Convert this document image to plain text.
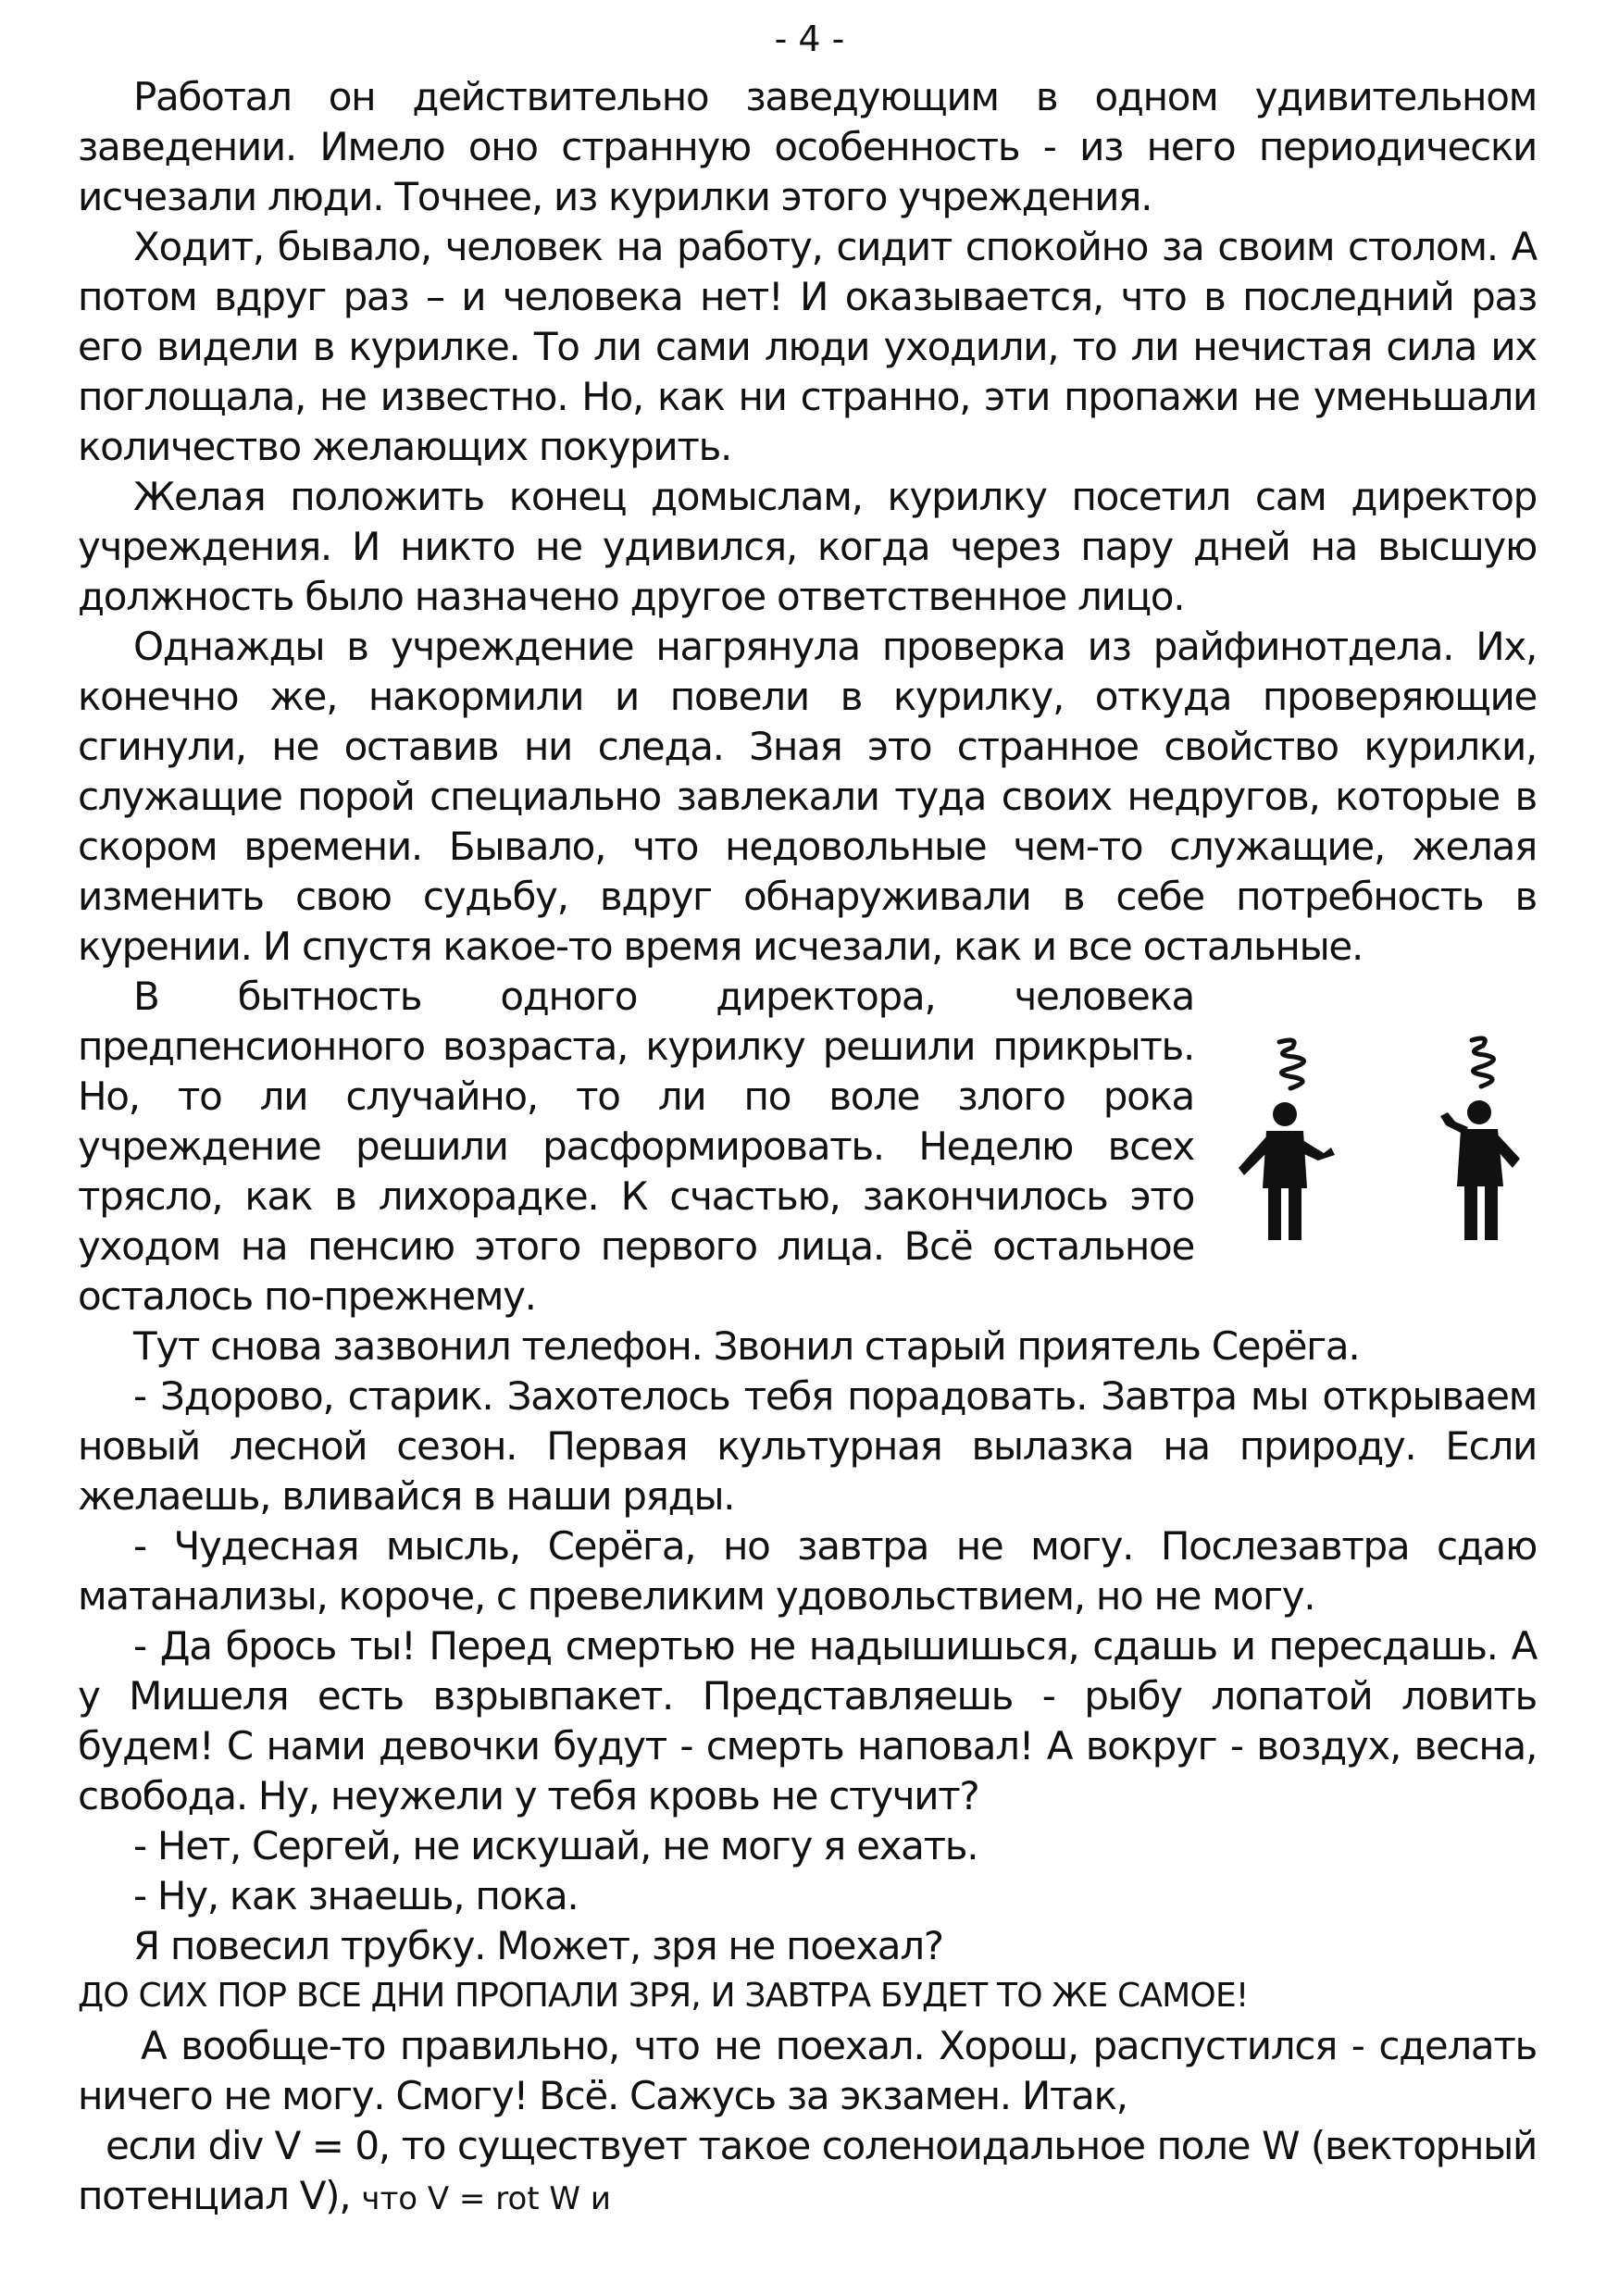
- 4 -

Работал он действительно заведующим в одном удивительном заведении. Имело оно странную особенность - из него периодически исчезали люди. Точнее, из курилки этого учреждения.

Ходит, бывало, человек на работу, сидит спокойно за своим столом. А потом вдруг раз – и человека нет! И оказывается, что в последний раз его видели в курилке. То ли сами люди уходили, то ли нечистая сила их поглощала, не известно. Но, как ни странно, эти пропажи не уменьшали количество желающих покурить.

Желая положить конец домыслам, курилку посетил сам директор учреждения. И никто не удивился, когда через пару дней на высшую должность было назначено другое ответственное лицо.

Однажды в учреждение нагрянула проверка из райфинотдела. Их, конечно же, накормили и повели в курилку, откуда проверяющие сгинули, не оставив ни следа. Зная это странное свойство курилки, служащие порой специально завлекали туда своих недругов, которые в скором времени. Бывало, что недовольные чем-то служащие, желая изменить свою судьбу, вдруг обнаруживали в себе потребность в курении. И спустя какое-то время исчезали, как и все остальные.

В бытность одного директора, человека предпенсионного возраста, курилку решили прикрыть. Но, то ли случайно, то ли по воле злого рока учреждение решили расформировать. Неделю всех трясло, как в лихорадке. К счастью, закончилось это уходом на пенсию этого первого лица. Всё остальное осталось по-прежнему.

Тут снова зазвонил телефон. Звонил старый приятель Серёга.

- Здорово, старик. Захотелось тебя порадовать. Завтра мы открываем новый лесной сезон. Первая культурная вылазка на природу. Если желаешь, вливайся в наши ряды.

- Чудесная мысль, Серёга, но завтра не могу. Послезавтра сдаю матанализы, короче, с превеликим удовольствием, но не могу.

- Да брось ты! Перед смертью не надышишься, сдашь и пересдашь. А у Мишеля есть взрывпакет. Представляешь - рыбу лопатой ловить будем! С нами девочки будут - смерть наповал! А вокруг - воздух, весна, свобода. Ну, неужели у тебя кровь не стучит?

- Нет, Сергей, не искушай, не могу я ехать.

- Ну, как знаешь, пока.

Я повесил трубку. Может, зря не поехал?

ДО СИХ ПОР ВСЕ ДНИ ПРОПАЛИ ЗРЯ, И ЗАВТРА БУДЕТ ТО ЖЕ САМОЕ!

А вообще-то правильно, что не поехал. Хорош, распустился - сделать ничего не могу. Смогу! Всё. Сажусь за экзамен. Итак,

если div V = 0, то существует такое соленоидальное поле W (векторный потенциал V), что V = rot W и
